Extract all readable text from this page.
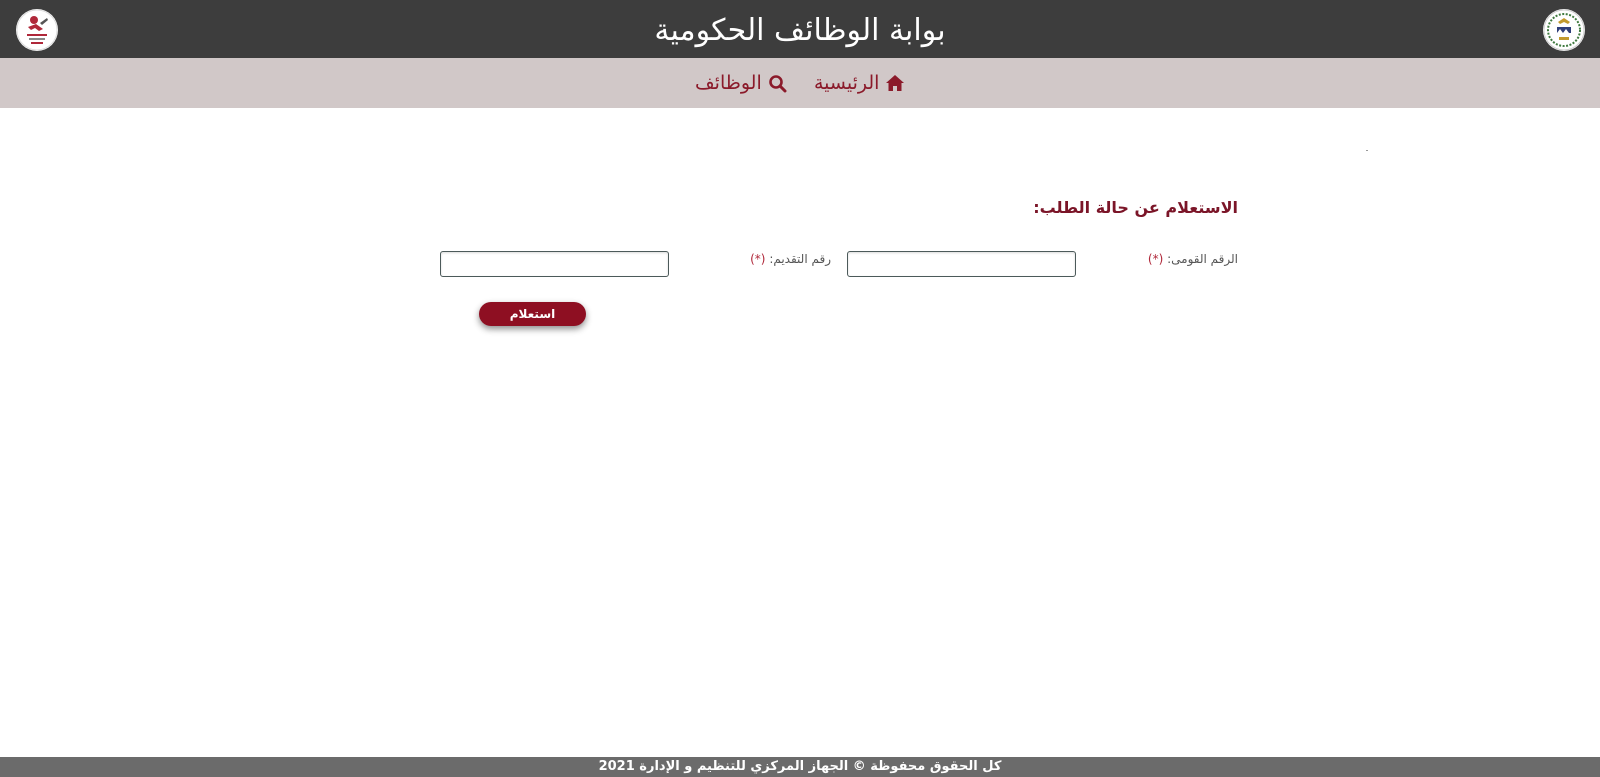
بوابة الوظائف الحكومية
الرئيسية
الوظائف
الاستعلام عن حالة الطلب:
الرقم القومى: (*)
رقم التقديم: (*)
استعلام
كل الحقوق محفوظة © الجهاز المركزي للتنظيم و الإدارة 2021
